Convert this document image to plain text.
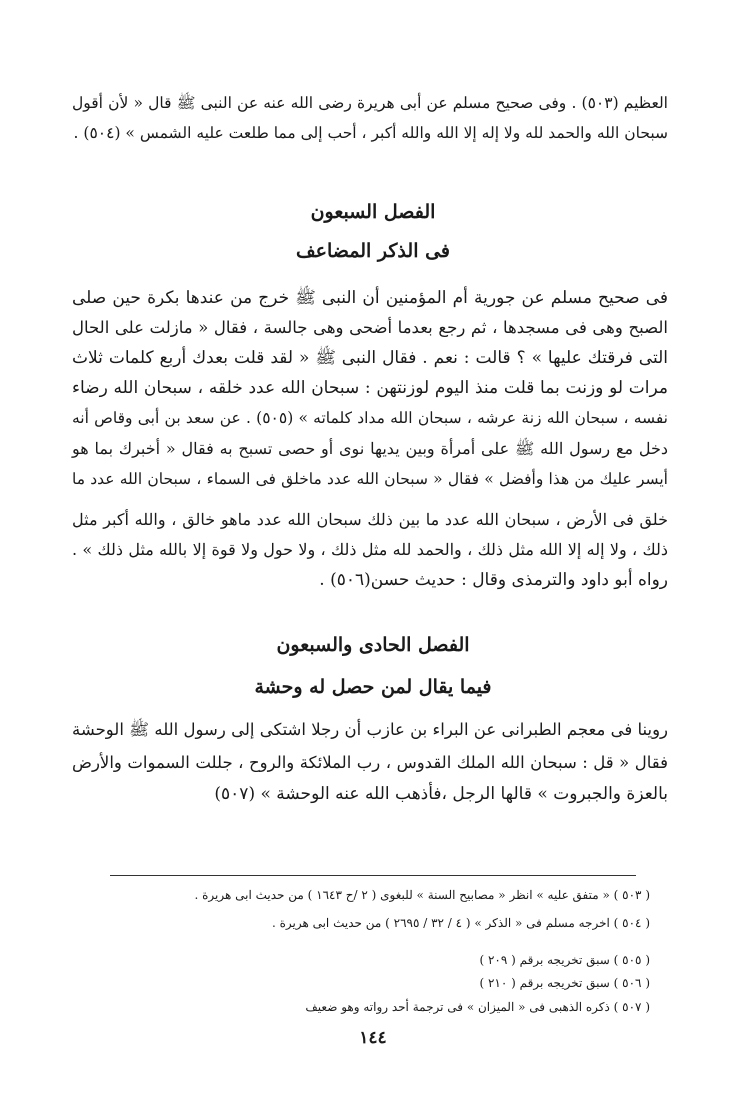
العظيم (٥٠٣) . وفى صحيح مسلم عن أبى هريرة رضى الله عنه عن النبى ﷺ قال « لأن أقول
سبحان الله والحمد لله ولا إله إلا الله والله أكبر ، أحب إلى مما طلعت عليه الشمس » (٥٠٤) .
الفصل السبعون
فى الذكر المضاعف
فى صحيح مسلم عن جورية أم المؤمنين أن النبى ﷺ خرج من عندها بكرة حين صلى
الصبح وهى فى مسجدها ، ثم رجع بعدما أضحى وهى جالسة ، فقال « مازلت على الحال
التى فرقتك عليها » ؟ قالت : نعم . فقال النبى ﷺ « لقد قلت بعدك أربع كلمات ثلاث
مرات لو وزنت بما قلت منذ اليوم لوزنتهن : سبحان الله عدد خلقه ، سبحان الله رضاء
نفسه ، سبحان الله زنة عرشه ، سبحان الله مداد كلماته » (٥٠٥) . عن سعد بن أبى وقاص أنه
دخل مع رسول الله ﷺ على أمرأة وبين يديها نوى أو حصى تسبح به فقال « أخبرك بما هو
أيسر عليك من هذا وأفضل » فقال « سبحان الله عدد ماخلق فى السماء ، سبحان الله عدد ما
خلق فى الأرض ، سبحان الله عدد ما بين ذلك سبحان الله عدد ماهو خالق ، والله أكبر مثل
ذلك ، ولا إله إلا الله مثل ذلك ، والحمد لله مثل ذلك ، ولا حول ولا قوة إلا بالله مثل ذلك » .
رواه أبو داود والترمذى وقال : حديث حسن(٥٠٦) .
الفصل الحادى والسبعون
فيما يقال لمن حصل له وحشة
روينا فى معجم الطبرانى عن البراء بن عازب أن رجلا اشتكى إلى رسول الله ﷺ الوحشة
فقال « قل : سبحان الله الملك القدوس ، رب الملائكة والروح ، جللت السموات والأرض
بالعزة والجبروت » قالها الرجل ،فأذهب الله عنه الوحشة » (٥٠٧)
( ٥٠٣ ) « متفق عليه » انظر « مصابيح السنة » للبغوى ( ٢ /ح ١٦٤٣ ) من حديث ابى هريرة .
( ٥٠٤ ) اخرجه مسلم فى « الذكر » ( ٤ / ٣٢ / ٢٦٩٥ ) من حديث ابى هريرة .
( ٥٠٥ ) سبق تخريجه برقم ( ٢٠٩ )
( ٥٠٦ ) سبق تخريجه برقم ( ٢١٠ )
( ٥٠٧ ) ذكره الذهبى فى « الميزان » فى ترجمة أحد رواته وهو ضعيف
١٤٤
